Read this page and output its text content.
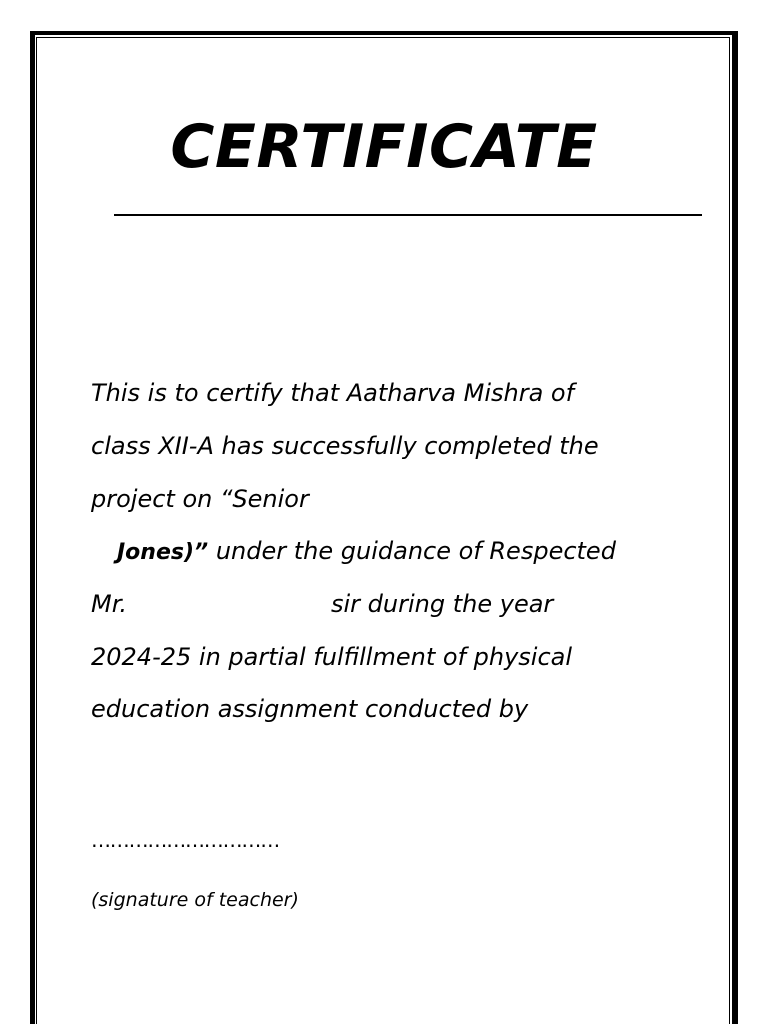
CERTIFICATE

This is to certify that Aatharva Mishra of

class XII-A has successfully completed the

project on “Senior

Jones)” under the guidance of Respected

Mr.	sir during the year

2024-25 in partial fulfillment of physical

education assignment conducted by

…………………………

(signature of teacher)
